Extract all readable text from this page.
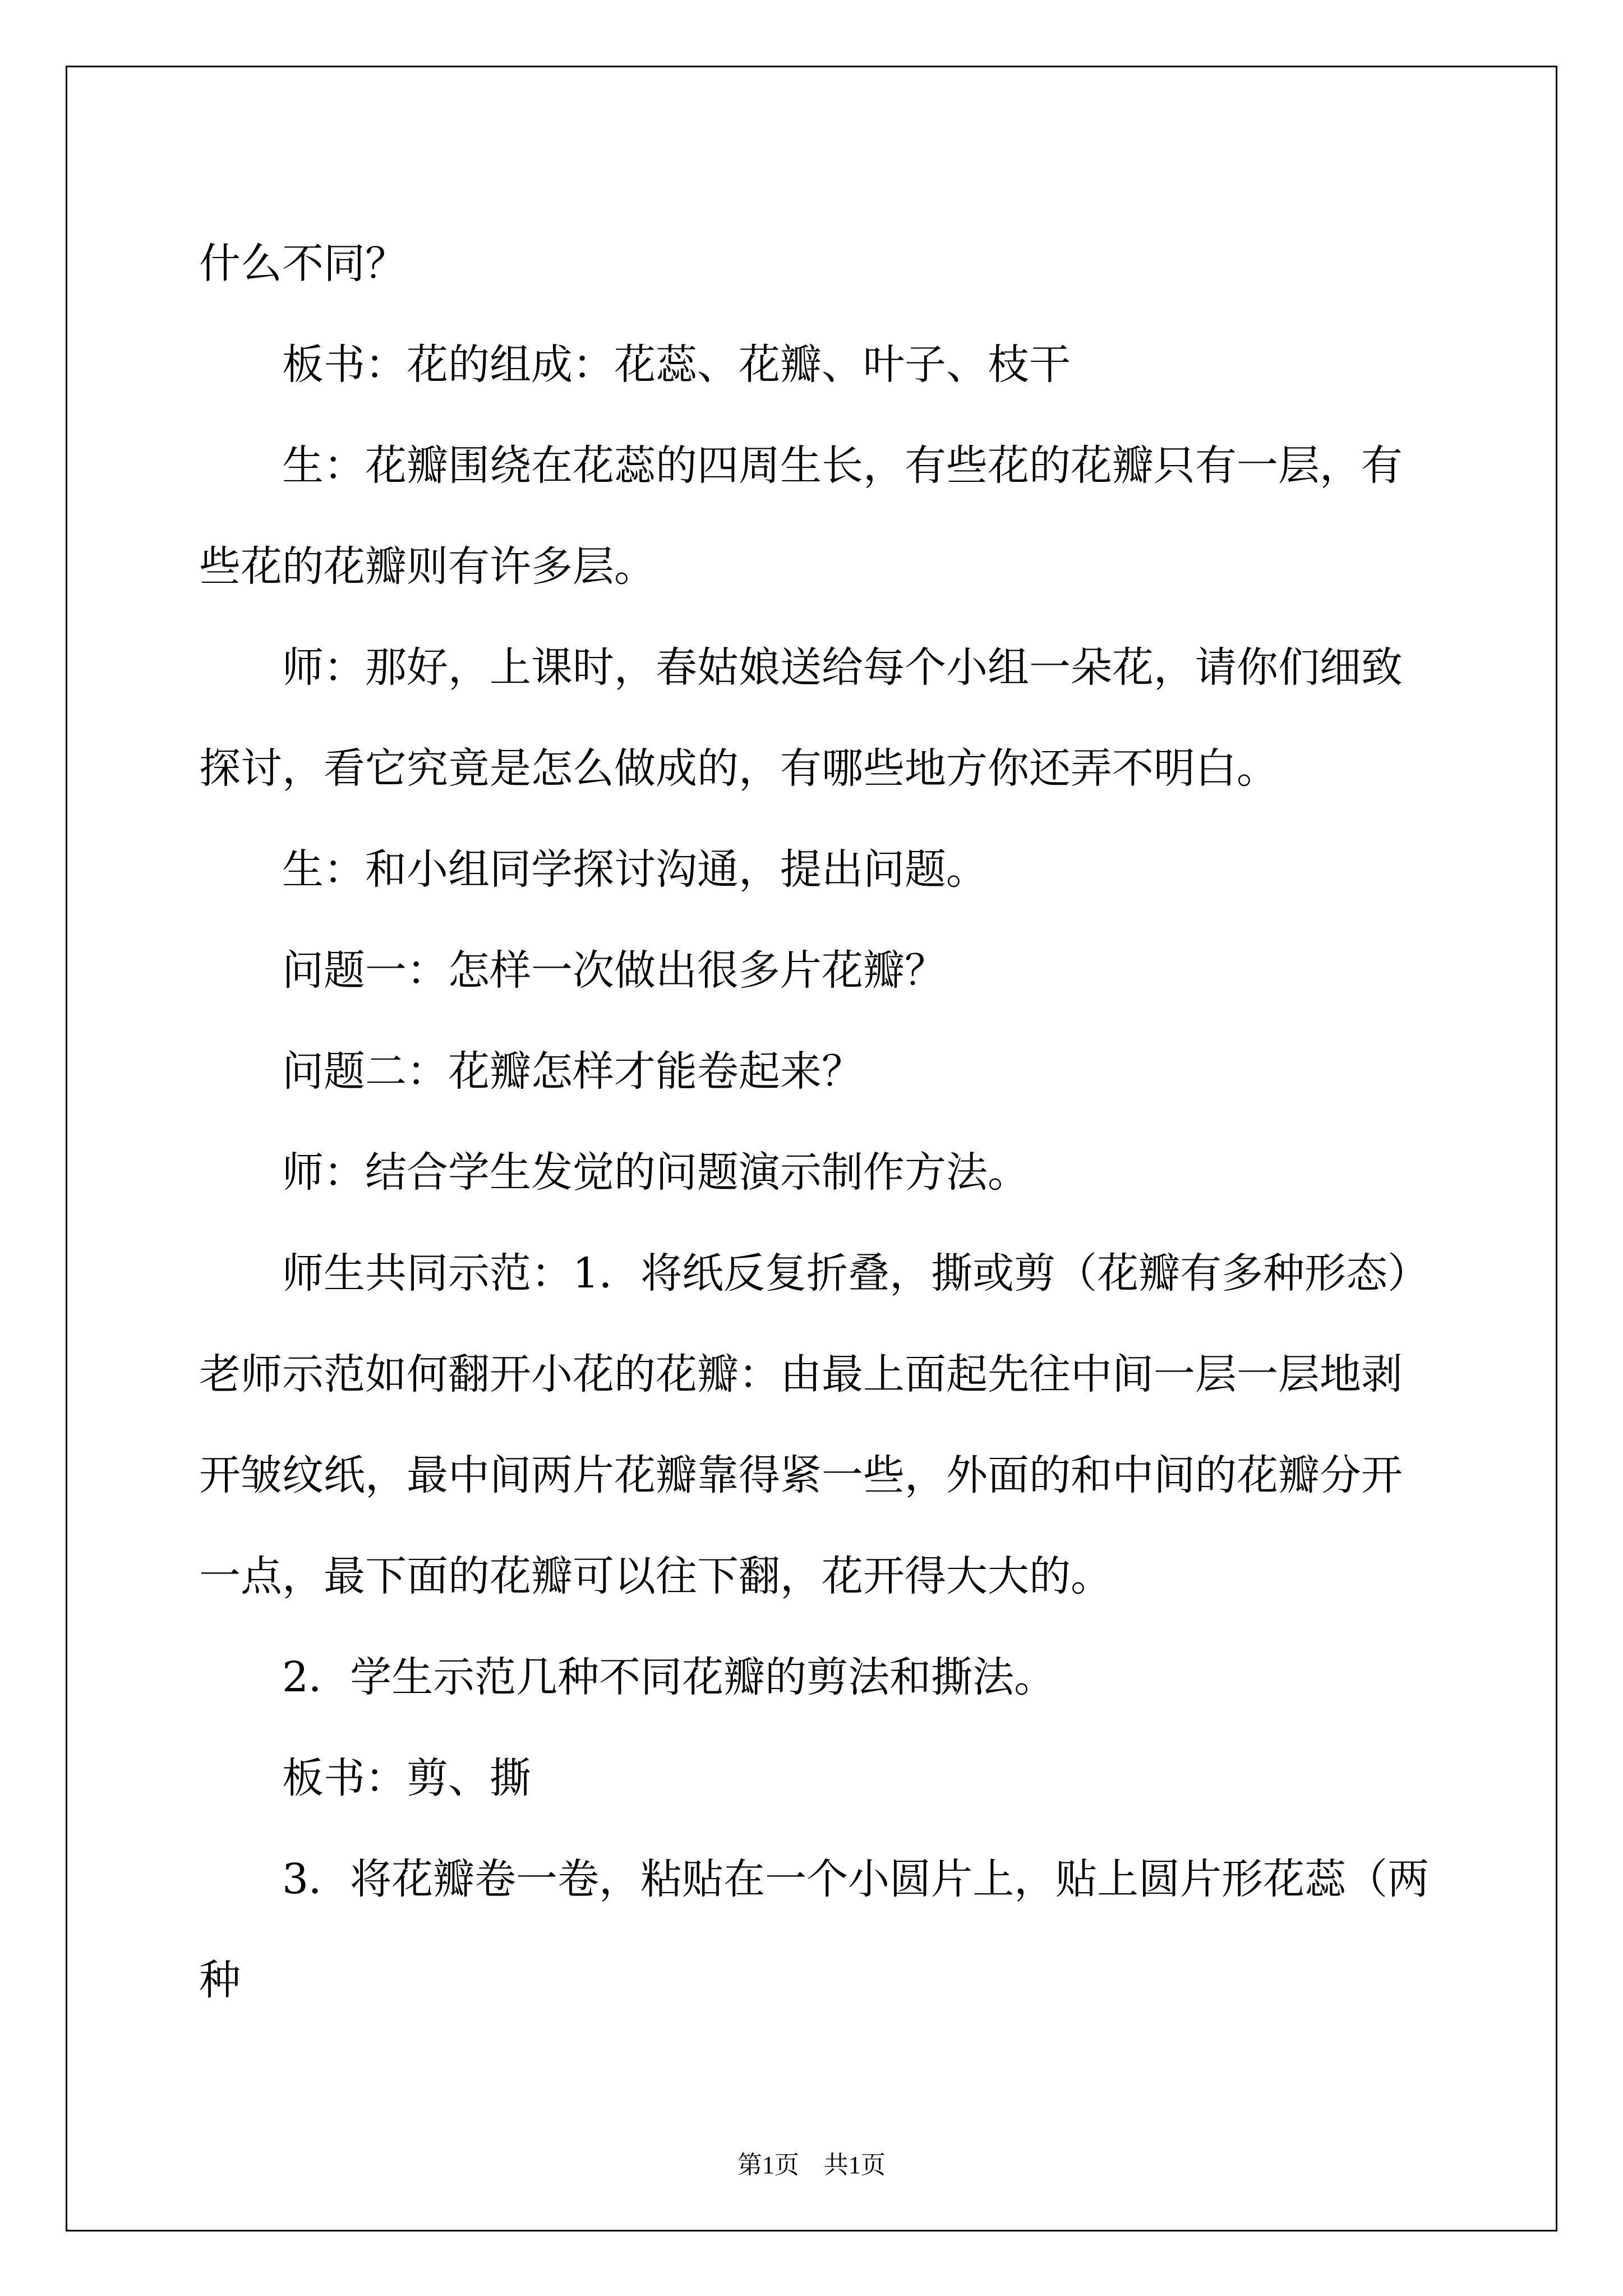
什么不同？

板书：花的组成：花蕊、花瓣、叶子、枝干

生：花瓣围绕在花蕊的四周生长，有些花的花瓣只有一层，有些花的花瓣则有许多层。

师：那好，上课时，春姑娘送给每个小组一朵花，请你们细致探讨，看它究竟是怎么做成的，有哪些地方你还弄不明白。

生：和小组同学探讨沟通，提出问题。

问题一：怎样一次做出很多片花瓣？

问题二：花瓣怎样才能卷起来？

师：结合学生发觉的问题演示制作方法。

师生共同示范：1．将纸反复折叠，撕或剪（花瓣有多种形态）老师示范如何翻开小花的花瓣：由最上面起先往中间一层一层地剥开皱纹纸，最中间两片花瓣靠得紧一些，外面的和中间的花瓣分开一点，最下面的花瓣可以往下翻，花开得大大的。

2．学生示范几种不同花瓣的剪法和撕法。

板书：剪、撕

3．将花瓣卷一卷，粘贴在一个小圆片上，贴上圆片形花蕊（两种

第1页　共1页
